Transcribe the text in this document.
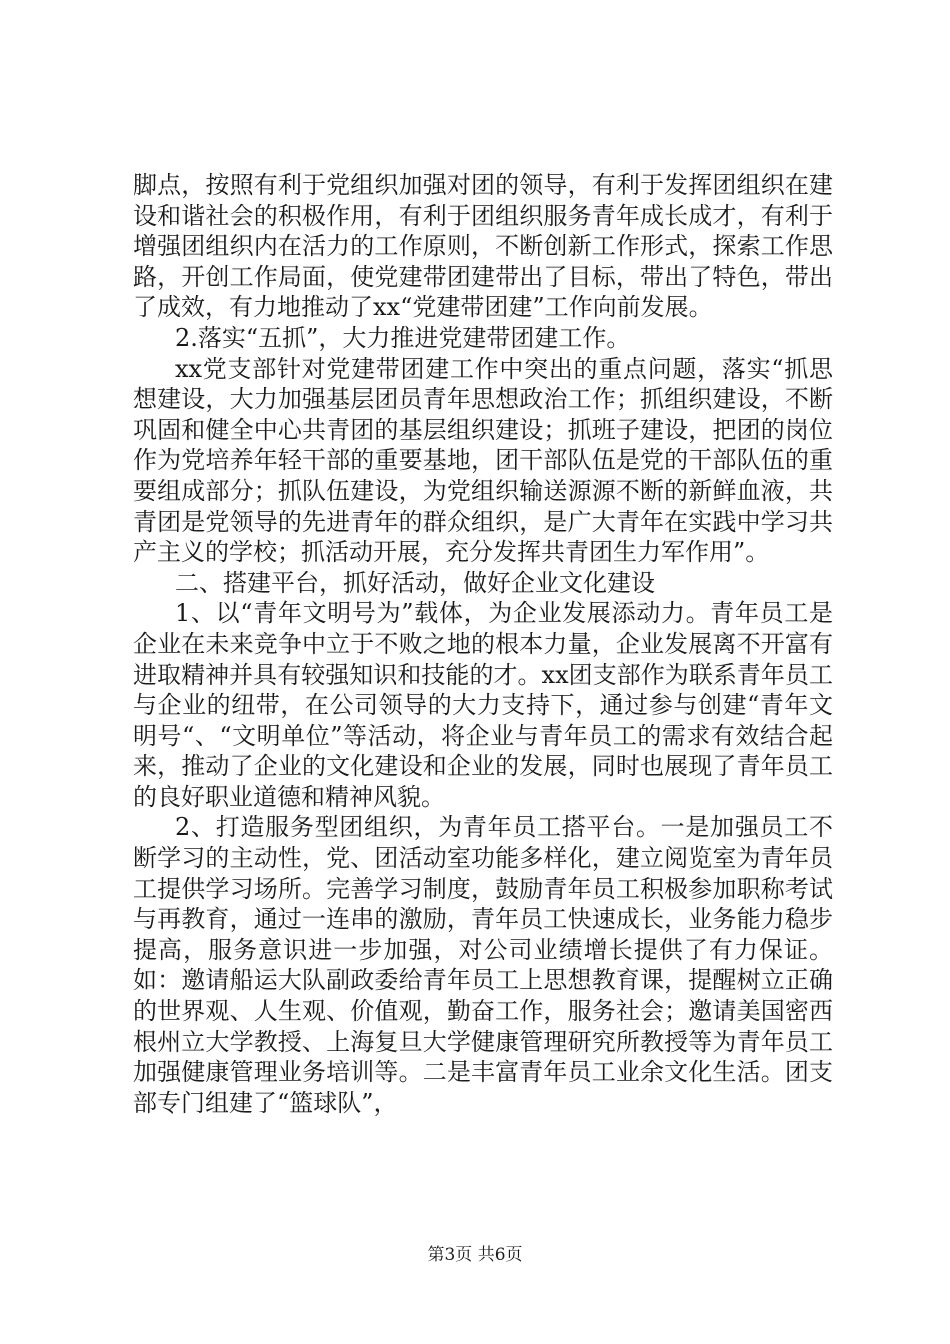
脚点，按照有利于党组织加强对团的领导，有利于发挥团组织在建设和谐社会的积极作用，有利于团组织服务青年成长成才，有利于增强团组织内在活力的工作原则，不断创新工作形式，探索工作思路，开创工作局面，使党建带团建带出了目标，带出了特色，带出了成效，有力地推动了xx“党建带团建”工作向前发展。

2.落实“五抓”，大力推进党建带团建工作。

xx党支部针对党建带团建工作中突出的重点问题，落实“抓思想建设，大力加强基层团员青年思想政治工作；抓组织建设，不断巩固和健全中心共青团的基层组织建设；抓班子建设，把团的岗位作为党培养年轻干部的重要基地，团干部队伍是党的干部队伍的重要组成部分；抓队伍建设，为党组织输送源源不断的新鲜血液，共青团是党领导的先进青年的群众组织，是广大青年在实践中学习共产主义的学校；抓活动开展，充分发挥共青团生力军作用”。

二、搭建平台，抓好活动，做好企业文化建设

1、以“青年文明号为”载体，为企业发展添动力。青年员工是企业在未来竞争中立于不败之地的根本力量，企业发展离不开富有进取精神并具有较强知识和技能的才。xx团支部作为联系青年员工与企业的纽带，在公司领导的大力支持下，通过参与创建“青年文明号“、“文明单位”等活动，将企业与青年员工的需求有效结合起来，推动了企业的文化建设和企业的发展，同时也展现了青年员工的良好职业道德和精神风貌。

2、打造服务型团组织，为青年员工搭平台。一是加强员工不断学习的主动性，党、团活动室功能多样化，建立阅览室为青年员工提供学习场所。完善学习制度，鼓励青年员工积极参加职称考试与再教育，通过一连串的激励，青年员工快速成长，业务能力稳步提高，服务意识进一步加强，对公司业绩增长提供了有力保证。如：邀请船运大队副政委给青年员工上思想教育课，提醒树立正确的世界观、人生观、价值观，勤奋工作，服务社会；邀请美国密西根州立大学教授、上海复旦大学健康管理研究所教授等为青年员工加强健康管理业务培训等。二是丰富青年员工业余文化生活。团支部专门组建了“篮球队”，

第3页 共6页
